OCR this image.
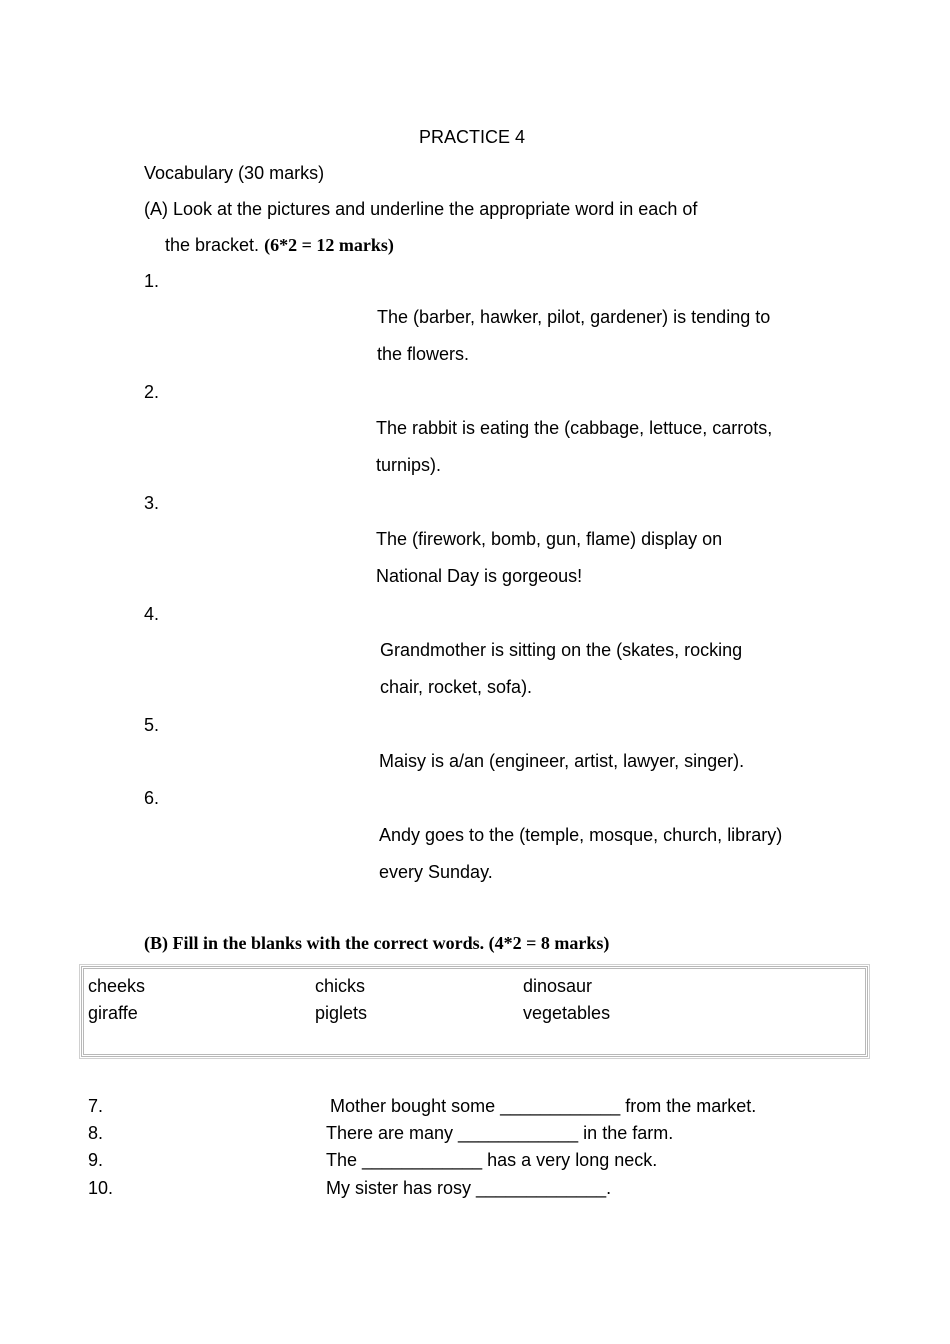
PRACTICE 4
Vocabulary (30 marks)
(A) Look at the pictures and underline the appropriate word in each of
the bracket. (6*2 = 12 marks)
1.
The (barber, hawker, pilot, gardener) is tending to
the flowers.
2.
The rabbit is eating the (cabbage, lettuce, carrots,
turnips).
3.
The (firework, bomb, gun, flame) display on
National Day is gorgeous!
4.
Grandmother is sitting on the (skates, rocking
chair, rocket, sofa).
5.
Maisy is a/an (engineer, artist, lawyer, singer).
6.
Andy goes to the (temple, mosque, church, library)
every Sunday.
(B) Fill in the blanks with the correct words. (4*2 = 8 marks)
cheeks	chicks	dinosaur
giraffe	piglets	vegetables
7.	Mother bought some ____________ from the market.
8.	There are many ____________ in the farm.
9.	The ____________ has a very long neck.
10.	My sister has rosy _____________.
